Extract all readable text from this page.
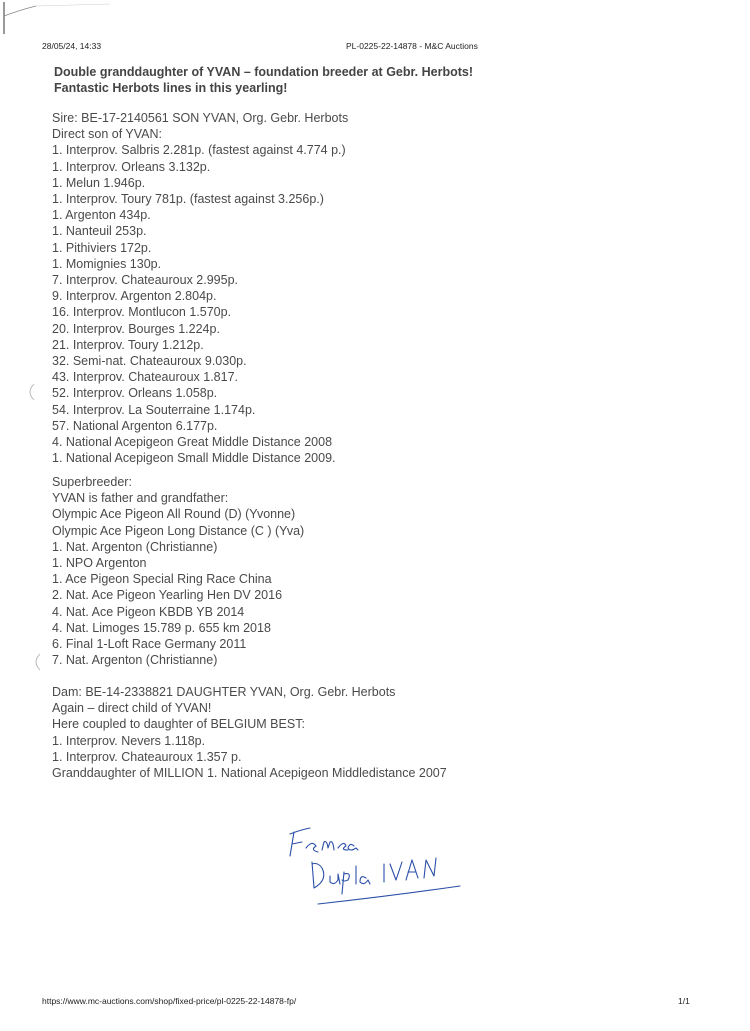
28/05/24, 14:33	PL-0225-22-14878 - M&C Auctions
Double granddaughter of YVAN – foundation breeder at Gebr. Herbots!
Fantastic Herbots lines in this yearling!
Sire: BE-17-2140561 SON YVAN, Org. Gebr. Herbots
Direct son of YVAN:
1. Interprov. Salbris 2.281p. (fastest against 4.774 p.)
1. Interprov. Orleans 3.132p.
1. Melun 1.946p.
1. Interprov. Toury 781p. (fastest against 3.256p.)
1. Argenton 434p.
1. Nanteuil 253p.
1. Pithiviers 172p.
1. Momignies 130p.
7. Interprov. Chateauroux 2.995p.
9. Interprov. Argenton 2.804p.
16. Interprov. Montlucon 1.570p.
20. Interprov. Bourges 1.224p.
21. Interprov. Toury 1.212p.
32. Semi-nat. Chateauroux 9.030p.
43. Interprov. Chateauroux 1.817.
52. Interprov. Orleans 1.058p.
54. Interprov. La Souterraine 1.174p.
57. National Argenton 6.177p.
4. National Acepigeon Great Middle Distance 2008
1. National Acepigeon Small Middle Distance 2009.
Superbreeder:
YVAN is father and grandfather:
Olympic Ace Pigeon All Round (D) (Yvonne)
Olympic Ace Pigeon Long Distance (C ) (Yva)
1. Nat. Argenton (Christianne)
1. NPO Argenton
1. Ace Pigeon Special Ring Race China
2. Nat. Ace Pigeon Yearling Hen DV 2016
4. Nat. Ace Pigeon KBDB YB 2014
4. Nat. Limoges 15.789 p. 655 km 2018
6. Final 1-Loft Race Germany 2011
7. Nat. Argenton (Christianne)
Dam: BE-14-2338821 DAUGHTER YVAN, Org. Gebr. Herbots
Again – direct child of YVAN!
Here coupled to daughter of BELGIUM BEST:
1. Interprov. Nevers 1.118p.
1. Interprov. Chateauroux 1.357 p.
Granddaughter of MILLION 1. National Acepigeon Middledistance 2007
https://www.mc-auctions.com/shop/fixed-price/pl-0225-22-14878-fp/	1/1
